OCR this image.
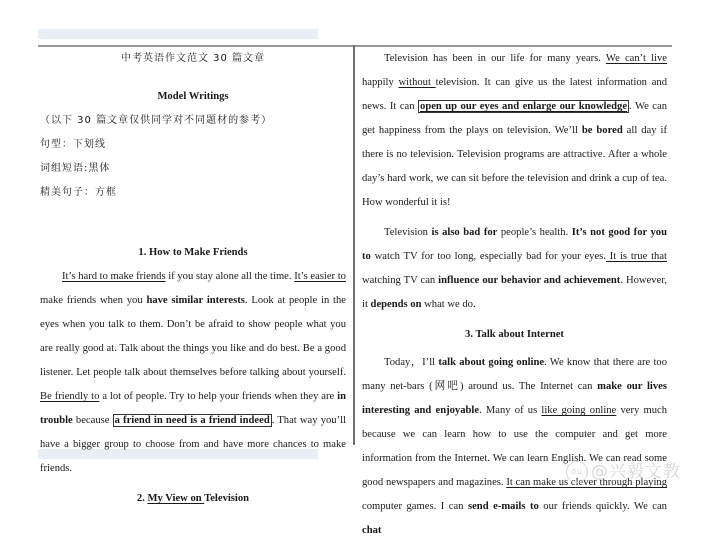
中考英语作文范文 30 篇文章
Model Writings
（以下 30 篇文章仅供同学对不同题材的参考）
句型：下划线
词组短语:黑体
精美句子：方框
1. How to Make Friends
It’s hard to make friends if you stay alone all the time. It’s easier to make friends when you have similar interests. Look at people in the eyes when you talk to them. Don’t be afraid to show people what you are really good at. Talk about the things you like and do best. Be a good listener. Let people talk about themselves before talking about yourself. Be friendly to a lot of people. Try to help your friends when they are in trouble because a friend in need is a friend indeed . That way you’ll have a bigger group to choose from and have more chances to make friends.
2. My View on Television
Television has been in our life for many years. We can’t live happily without television. It can give us the latest information and news. It can open up our eyes and enlarge our knowledge . We can get happiness from the plays on television. We’ll be bored all day if there is no television. Television programs are attractive. After a whole day’s hard work, we can sit before the television and drink a cup of tea. How wonderful it is!
Television is also bad for people’s health. It’s not good for you to watch TV for too long, especially bad for your eyes. It is true that watching TV can influence our behavior and achievement. However, it depends on what we do.
3. Talk about Internet
Today，I’ll talk about going online. We know that there are too many net-bars (网吧) around us. The Internet can make our lives interesting and enjoyable. Many of us like going online very much because we can learn how to use the computer and get more information from the Internet. We can learn English. We can read some good newspapers and magazines. It can make us clever through playing computer games. I can send e-mails to our friends quickly. We can chat
du @兴毅文教
